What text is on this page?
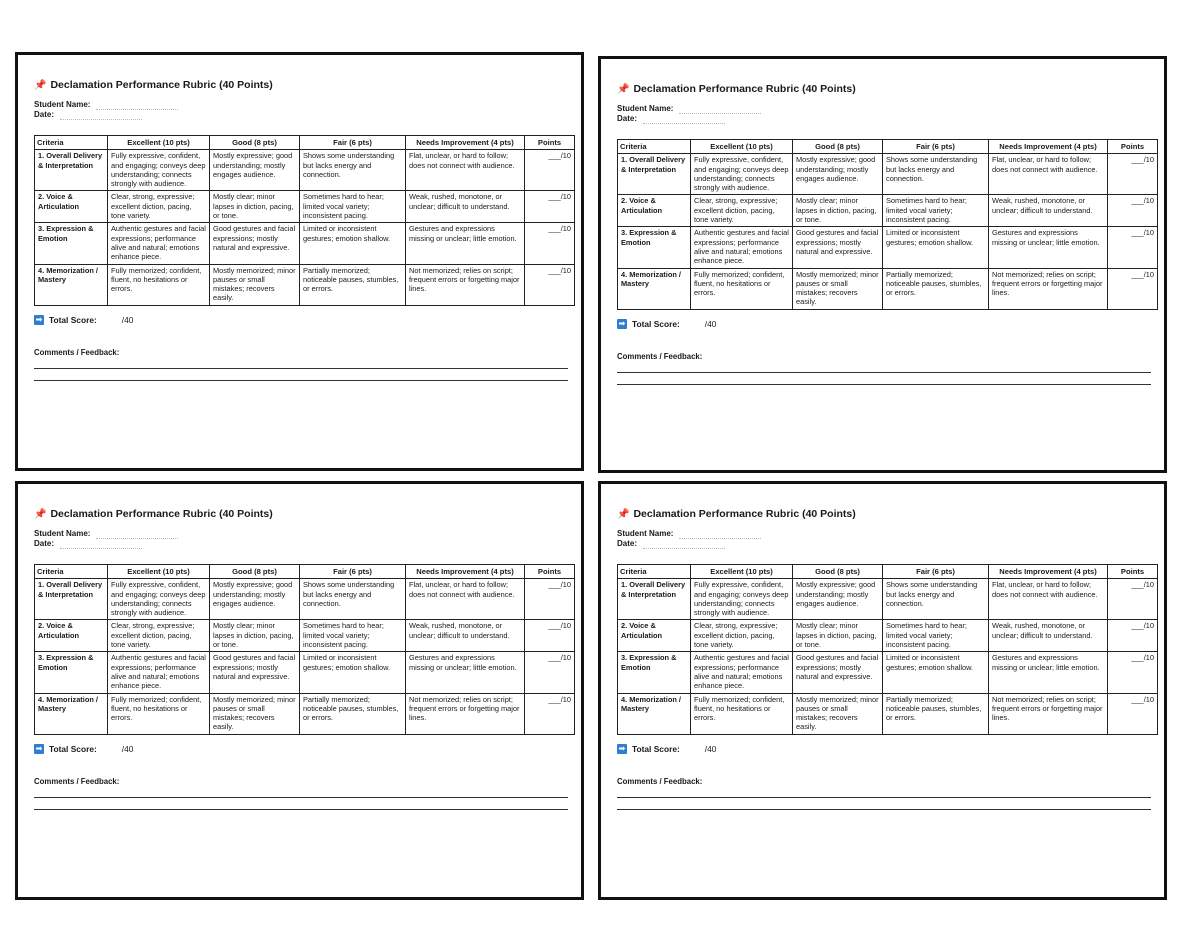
📌 Declamation Performance Rubric (40 Points)
Student Name:
Date:
Criteria	Excellent (10 pts)	Good (8 pts)	Fair (6 pts)	Needs Improvement (4 pts)	Points
1. Overall Delivery & Interpretation	Fully expressive, confident, and engaging; conveys deep understanding; connects strongly with audience.	Mostly expressive; good understanding; mostly engages audience.	Shows some understanding but lacks energy and connection.	Flat, unclear, or hard to follow; does not connect with audience.	___/10
2. Voice & Articulation	Clear, strong, expressive; excellent diction, pacing, tone variety.	Mostly clear; minor lapses in diction, pacing, or tone.	Sometimes hard to hear; limited vocal variety; inconsistent pacing.	Weak, rushed, monotone, or unclear; difficult to understand.	___/10
3. Expression & Emotion	Authentic gestures and facial expressions; performance alive and natural; emotions enhance piece.	Good gestures and facial expressions; mostly natural and expressive.	Limited or inconsistent gestures; emotion shallow.	Gestures and expressions missing or unclear; little emotion.	___/10
4. Memorization / Mastery	Fully memorized; confident, fluent, no hesitations or errors.	Mostly memorized; minor pauses or small mistakes; recovers easily.	Partially memorized; noticeable pauses, stumbles, or errors.	Not memorized; relies on script; frequent errors or forgetting major lines.	___/10
➡ Total Score:	/40
Comments / Feedback:
📌 Declamation Performance Rubric (40 Points)
Student Name:
Date:
Criteria	Excellent (10 pts)	Good (8 pts)	Fair (6 pts)	Needs Improvement (4 pts)	Points
1. Overall Delivery & Interpretation	Fully expressive, confident, and engaging; conveys deep understanding; connects strongly with audience.	Mostly expressive; good understanding; mostly engages audience.	Shows some understanding but lacks energy and connection.	Flat, unclear, or hard to follow; does not connect with audience.	___/10
2. Voice & Articulation	Clear, strong, expressive; excellent diction, pacing, tone variety.	Mostly clear; minor lapses in diction, pacing, or tone.	Sometimes hard to hear; limited vocal variety; inconsistent pacing.	Weak, rushed, monotone, or unclear; difficult to understand.	___/10
3. Expression & Emotion	Authentic gestures and facial expressions; performance alive and natural; emotions enhance piece.	Good gestures and facial expressions; mostly natural and expressive.	Limited or inconsistent gestures; emotion shallow.	Gestures and expressions missing or unclear; little emotion.	___/10
4. Memorization / Mastery	Fully memorized; confident, fluent, no hesitations or errors.	Mostly memorized; minor pauses or small mistakes; recovers easily.	Partially memorized; noticeable pauses, stumbles, or errors.	Not memorized; relies on script; frequent errors or forgetting major lines.	___/10
➡ Total Score:	/40
Comments / Feedback:
📌 Declamation Performance Rubric (40 Points)
Student Name:
Date:
Criteria	Excellent (10 pts)	Good (8 pts)	Fair (6 pts)	Needs Improvement (4 pts)	Points
1. Overall Delivery & Interpretation	Fully expressive, confident, and engaging; conveys deep understanding; connects strongly with audience.	Mostly expressive; good understanding; mostly engages audience.	Shows some understanding but lacks energy and connection.	Flat, unclear, or hard to follow; does not connect with audience.	___/10
2. Voice & Articulation	Clear, strong, expressive; excellent diction, pacing, tone variety.	Mostly clear; minor lapses in diction, pacing, or tone.	Sometimes hard to hear; limited vocal variety; inconsistent pacing.	Weak, rushed, monotone, or unclear; difficult to understand.	___/10
3. Expression & Emotion	Authentic gestures and facial expressions; performance alive and natural; emotions enhance piece.	Good gestures and facial expressions; mostly natural and expressive.	Limited or inconsistent gestures; emotion shallow.	Gestures and expressions missing or unclear; little emotion.	___/10
4. Memorization / Mastery	Fully memorized; confident, fluent, no hesitations or errors.	Mostly memorized; minor pauses or small mistakes; recovers easily.	Partially memorized; noticeable pauses, stumbles, or errors.	Not memorized; relies on script; frequent errors or forgetting major lines.	___/10
➡ Total Score:	/40
Comments / Feedback:
📌 Declamation Performance Rubric (40 Points)
Student Name:
Date:
Criteria	Excellent (10 pts)	Good (8 pts)	Fair (6 pts)	Needs Improvement (4 pts)	Points
1. Overall Delivery & Interpretation	Fully expressive, confident, and engaging; conveys deep understanding; connects strongly with audience.	Mostly expressive; good understanding; mostly engages audience.	Shows some understanding but lacks energy and connection.	Flat, unclear, or hard to follow; does not connect with audience.	___/10
2. Voice & Articulation	Clear, strong, expressive; excellent diction, pacing, tone variety.	Mostly clear; minor lapses in diction, pacing, or tone.	Sometimes hard to hear; limited vocal variety; inconsistent pacing.	Weak, rushed, monotone, or unclear; difficult to understand.	___/10
3. Expression & Emotion	Authentic gestures and facial expressions; performance alive and natural; emotions enhance piece.	Good gestures and facial expressions; mostly natural and expressive.	Limited or inconsistent gestures; emotion shallow.	Gestures and expressions missing or unclear; little emotion.	___/10
4. Memorization / Mastery	Fully memorized; confident, fluent, no hesitations or errors.	Mostly memorized; minor pauses or small mistakes; recovers easily.	Partially memorized; noticeable pauses, stumbles, or errors.	Not memorized; relies on script; frequent errors or forgetting major lines.	___/10
➡ Total Score:	/40
Comments / Feedback:
